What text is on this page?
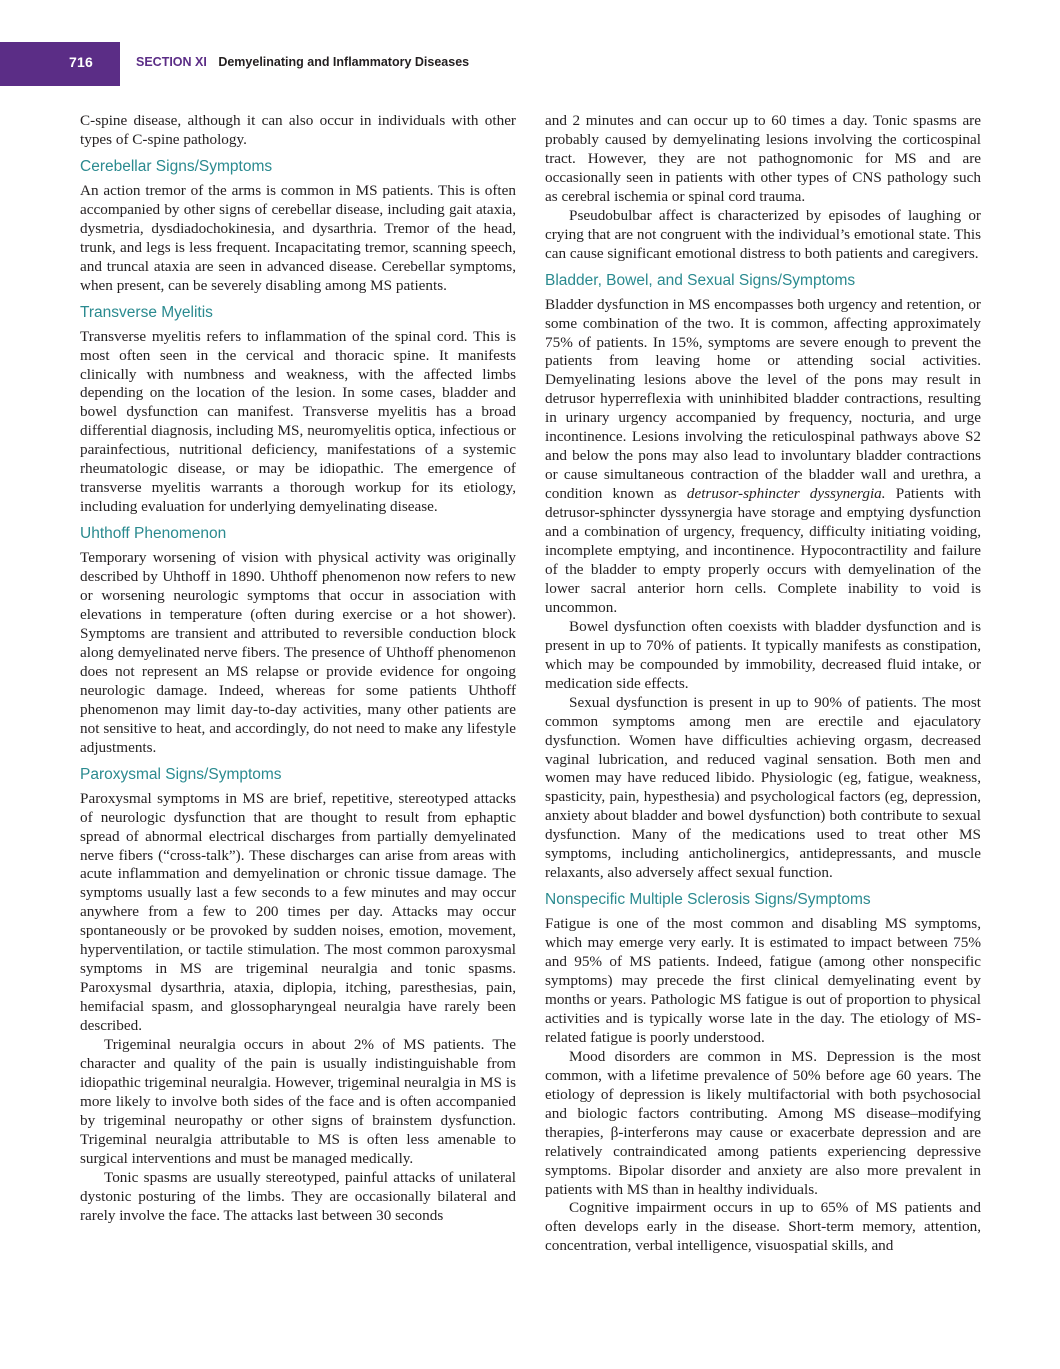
716	SECTION XI Demyelinating and Inflammatory Diseases

C-spine disease, although it can also occur in individuals with other types of C-spine pathology.

Cerebellar Signs/Symptoms

An action tremor of the arms is common in MS patients. This is often accompanied by other signs of cerebellar disease, including gait ataxia, dysmetria, dysdiadochokinesia, and dysarthria. Tremor of the head, trunk, and legs is less frequent. Incapacitating tremor, scanning speech, and truncal ataxia are seen in advanced disease. Cerebellar symptoms, when present, can be severely disabling among MS patients.

Transverse Myelitis

Transverse myelitis refers to inflammation of the spinal cord. This is most often seen in the cervical and thoracic spine. It manifests clinically with numbness and weakness, with the affected limbs depending on the location of the lesion. In some cases, bladder and bowel dysfunction can manifest. Transverse myelitis has a broad differential diagnosis, including MS, neuromyelitis optica, infectious or parainfectious, nutritional deficiency, manifestations of a systemic rheumatologic disease, or may be idiopathic. The emergence of transverse myelitis warrants a thorough workup for its etiology, including evaluation for underlying demyelinating disease.

Uhthoff Phenomenon

Temporary worsening of vision with physical activity was originally described by Uhthoff in 1890. Uhthoff phenomenon now refers to new or worsening neurologic symptoms that occur in association with elevations in temperature (often during exercise or a hot shower). Symptoms are transient and attributed to reversible conduction block along demyelinated nerve fibers. The presence of Uhthoff phenomenon does not represent an MS relapse or provide evidence for ongoing neurologic damage. Indeed, whereas for some patients Uhthoff phenomenon may limit day-to-day activities, many other patients are not sensitive to heat, and accordingly, do not need to make any lifestyle adjustments.

Paroxysmal Signs/Symptoms

Paroxysmal symptoms in MS are brief, repetitive, stereotyped attacks of neurologic dysfunction that are thought to result from ephaptic spread of abnormal electrical discharges from partially demyelinated nerve fibers (“cross-talk”). These discharges can arise from areas with acute inflammation and demyelination or chronic tissue damage. The symptoms usually last a few seconds to a few minutes and may occur anywhere from a few to 200 times per day. Attacks may occur spontaneously or be provoked by sudden noises, emotion, movement, hyperventilation, or tactile stimulation. The most common paroxysmal symptoms in MS are trigeminal neuralgia and tonic spasms. Paroxysmal dysarthria, ataxia, diplopia, itching, paresthesias, pain, hemifacial spasm, and glossopharyngeal neuralgia have rarely been described.

Trigeminal neuralgia occurs in about 2% of MS patients. The character and quality of the pain is usually indistinguishable from idiopathic trigeminal neuralgia. However, trigeminal neuralgia in MS is more likely to involve both sides of the face and is often accompanied by trigeminal neuropathy or other signs of brainstem dysfunction. Trigeminal neuralgia attributable to MS is often less amenable to surgical interventions and must be managed medically.

Tonic spasms are usually stereotyped, painful attacks of unilateral dystonic posturing of the limbs. They are occasionally bilateral and rarely involve the face. The attacks last between 30 seconds

and 2 minutes and can occur up to 60 times a day. Tonic spasms are probably caused by demyelinating lesions involving the corticospinal tract. However, they are not pathognomonic for MS and are occasionally seen in patients with other types of CNS pathology such as cerebral ischemia or spinal cord trauma.

Pseudobulbar affect is characterized by episodes of laughing or crying that are not congruent with the individual’s emotional state. This can cause significant emotional distress to both patients and caregivers.

Bladder, Bowel, and Sexual Signs/Symptoms

Bladder dysfunction in MS encompasses both urgency and retention, or some combination of the two. It is common, affecting approximately 75% of patients. In 15%, symptoms are severe enough to prevent the patients from leaving home or attending social activities. Demyelinating lesions above the level of the pons may result in detrusor hyperreflexia with uninhibited bladder contractions, resulting in urinary urgency accompanied by frequency, nocturia, and urge incontinence. Lesions involving the reticulospinal pathways above S2 and below the pons may also lead to involuntary bladder contractions or cause simultaneous contraction of the bladder wall and urethra, a condition known as detrusor-sphincter dyssynergia. Patients with detrusor-sphincter dyssynergia have storage and emptying dysfunction and a combination of urgency, frequency, difficulty initiating voiding, incomplete emptying, and incontinence. Hypocontractility and failure of the bladder to empty properly occurs with demyelination of the lower sacral anterior horn cells. Complete inability to void is uncommon.

Bowel dysfunction often coexists with bladder dysfunction and is present in up to 70% of patients. It typically manifests as constipation, which may be compounded by immobility, decreased fluid intake, or medication side effects.

Sexual dysfunction is present in up to 90% of patients. The most common symptoms among men are erectile and ejaculatory dysfunction. Women have difficulties achieving orgasm, decreased vaginal lubrication, and reduced vaginal sensation. Both men and women may have reduced libido. Physiologic (eg, fatigue, weakness, spasticity, pain, hypesthesia) and psychological factors (eg, depression, anxiety about bladder and bowel dysfunction) both contribute to sexual dysfunction. Many of the medications used to treat other MS symptoms, including anticholinergics, antidepressants, and muscle relaxants, also adversely affect sexual function.

Nonspecific Multiple Sclerosis Signs/Symptoms

Fatigue is one of the most common and disabling MS symptoms, which may emerge very early. It is estimated to impact between 75% and 95% of MS patients. Indeed, fatigue (among other nonspecific symptoms) may precede the first clinical demyelinating event by months or years. Pathologic MS fatigue is out of proportion to physical activities and is typically worse late in the day. The etiology of MS-related fatigue is poorly understood.

Mood disorders are common in MS. Depression is the most common, with a lifetime prevalence of 50% before age 60 years. The etiology of depression is likely multifactorial with both psychosocial and biologic factors contributing. Among MS disease–modifying therapies, β-interferons may cause or exacerbate depression and are relatively contraindicated among patients experiencing depressive symptoms. Bipolar disorder and anxiety are also more prevalent in patients with MS than in healthy individuals.

Cognitive impairment occurs in up to 65% of MS patients and often develops early in the disease. Short-term memory, attention, concentration, verbal intelligence, visuospatial skills, and
